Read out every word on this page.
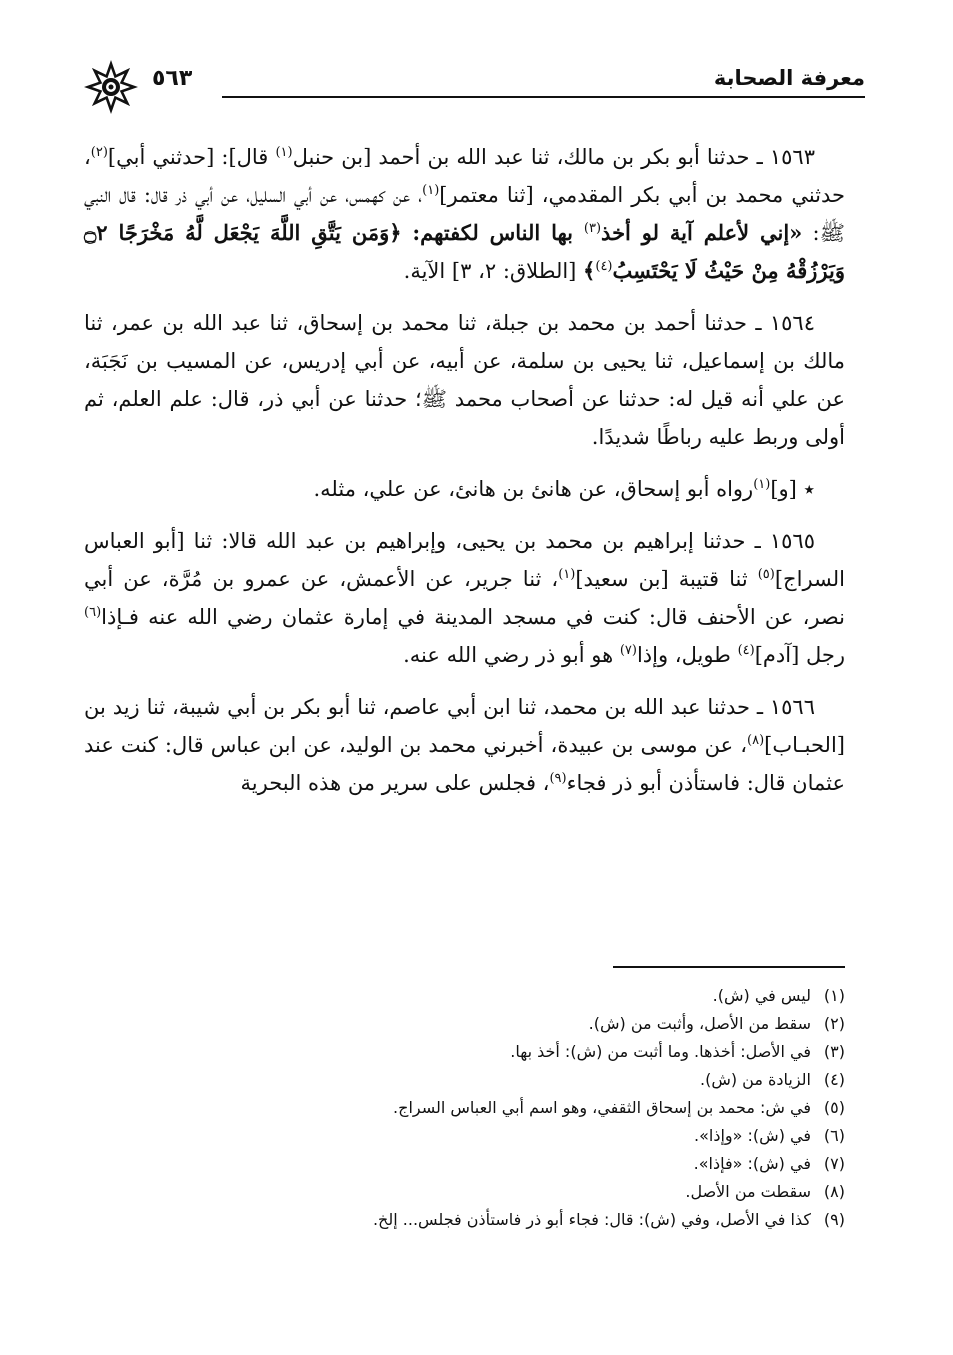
معرفة الصحابة
٥٦٣

١٥٦٣ ـ حدثنا أبو بكر بن مالك، ثنا عبد الله بن أحمد [بن حنبل$^{(١)}$ قال]: [حدثني أبي]$^{(٢)}$، حدثني محمد بن أبي بكر المقدمي، [ثنا معتمر]$^{(١)}$، عن كهمس، عن أبي السليل، عن أبي ذر قال: قال النبي ﷺ: «إني لأعلم آية لو أخذ$^{(٣)}$ بها الناس لكفتهم: ﴿وَمَن يَتَّقِ اللَّهَ يَجْعَل لَّهُ مَخْرَجًا ۝٢ وَيَرْزُقْهُ مِنْ حَيْثُ لَا يَحْتَسِبُ$^{(٤)}$﴾ [الطلاق: ٢، ٣] الآية.

١٥٦٤ ـ حدثنا أحمد بن محمد بن جبلة، ثنا محمد بن إسحاق، ثنا عبد الله بن عمر، ثنا مالك بن إسماعيل، ثنا يحيى بن سلمة، عن أبيه، عن أبي إدريس، عن المسيب بن نَجَبَة، عن علي أنه قيل له: حدثنا عن أصحاب محمد ﷺ؛ حدثنا عن أبي ذر، قال: علم العلم، ثم أولى وربط عليه رباطًا شديدًا.

٭ [و]$^{(١)}$رواه أبو إسحاق، عن هانئ بن هانئ، عن علي، مثله.

١٥٦٥ ـ حدثنا إبراهيم بن محمد بن يحيى، وإبراهيم بن عبد الله قالا: ثنا [أبو العباس السراج]$^{(٥)}$ ثنا قتيبة [بن سعيد]$^{(١)}$، ثنا جرير، عن الأعمش، عن عمرو بن مُرَّة، عن أبي نصر، عن الأحنف قال: كنت في مسجد المدينة في إمارة عثمان رضي الله عنه فـإذا$^{(٦)}$ رجل [آدم]$^{(٤)}$ طويل، وإذا$^{(٧)}$ هو أبو ذر رضي الله عنه.

١٥٦٦ ـ حدثنا عبد الله بن محمد، ثنا ابن أبي عاصم، ثنا أبو بكر بن أبي شيبة، ثنا زيد بن [الحبـاب]$^{(٨)}$، عن موسى بن عبيدة، أخبرني محمد بن الوليد، عن ابن عباس قال: كنت عند عثمان قال: فاستأذن أبو ذر فجاء$^{(٩)}$، فجلس على سرير من هذه البحرية

(١)ليس في (ش).
(٢)سقط من الأصل، وأثبت من (ش).
(٣)في الأصل: أخذها. وما أثبت من (ش): أخذ بها.
(٤)الزيادة من (ش).
(٥)في ش: محمد بن إسحاق الثقفي، وهو اسم أبي العباس السراج.
(٦)في (ش): «وإذا».
(٧)في (ش): «فإذا».
(٨)سقطت من الأصل.
(٩)كذا في الأصل، وفي (ش): قال: فجاء أبو ذر فاستأذن فجلس... إلخ.
